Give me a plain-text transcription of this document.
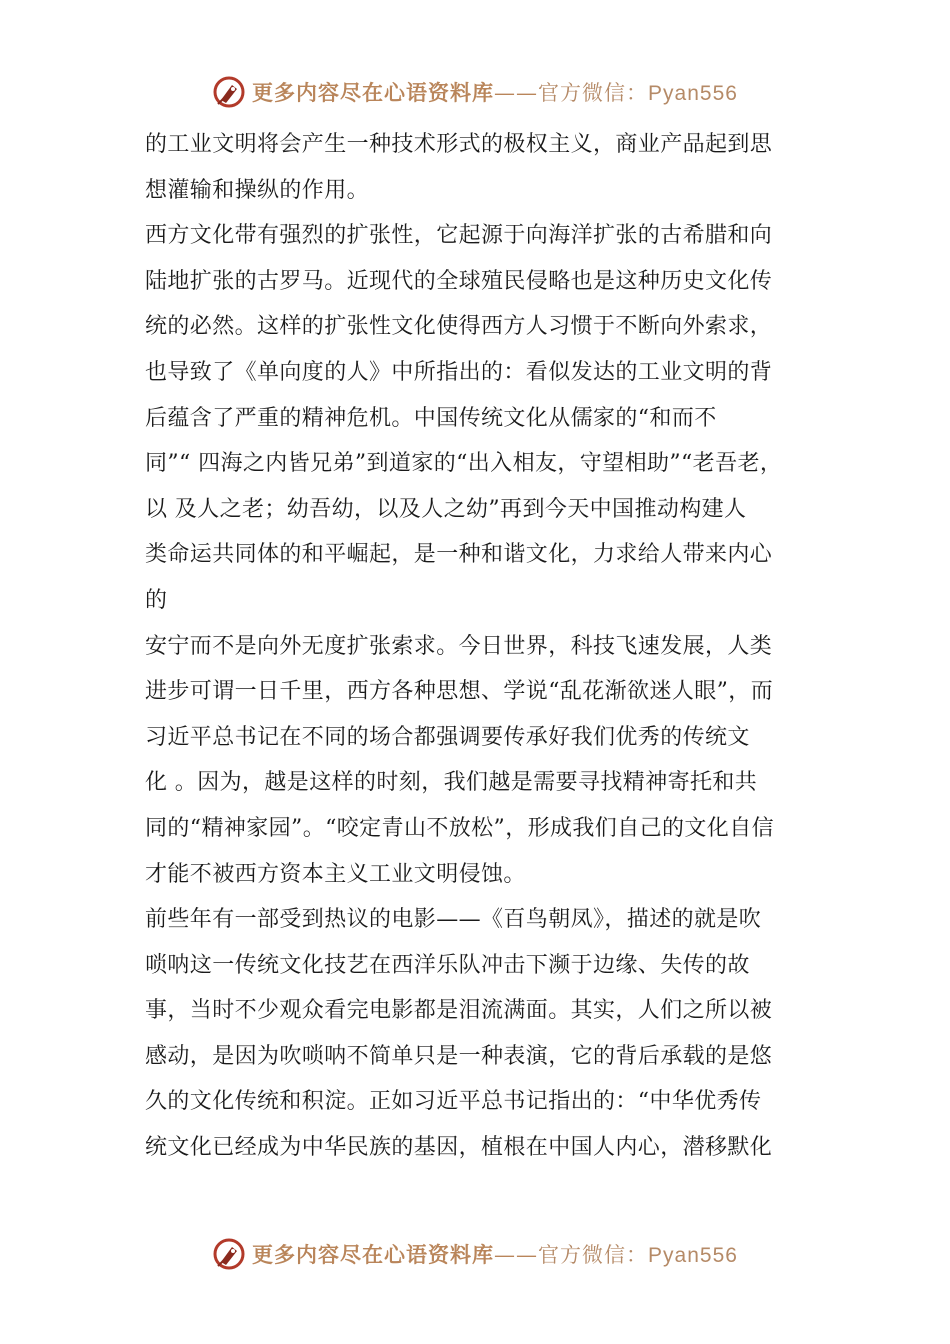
更多内容尽在心语资料库——官方微信：Pyan556
的工业文明将会产生一种技术形式的极权主义，商业产品起到思
想灌输和操纵的作用。
西方文化带有强烈的扩张性，它起源于向海洋扩张的古希腊和向
陆地扩张的古罗马。近现代的全球殖民侵略也是这种历史文化传
统的必然。这样的扩张性文化使得西方人习惯于不断向外索求，
也导致了《单向度的人》中所指出的：看似发达的工业文明的背
后蕴含了严重的精神危机。中国传统文化从儒家的“和而不
同”“ 四海之内皆兄弟”到道家的“出入相友，守望相助”“老吾老，
以 及人之老；幼吾幼，以及人之幼”再到今天中国推动构建人
类命运共同体的和平崛起，是一种和谐文化，力求给人带来内心
的
安宁而不是向外无度扩张索求。今日世界，科技飞速发展，人类
进步可谓一日千里，西方各种思想、学说“乱花渐欲迷人眼”，而
习近平总书记在不同的场合都强调要传承好我们优秀的传统文
化 。因为，越是这样的时刻，我们越是需要寻找精神寄托和共
同的“精神家园”。“咬定青山不放松”，形成我们自己的文化自信
才能不被西方资本主义工业文明侵蚀。
前些年有一部受到热议的电影——《百鸟朝凤》，描述的就是吹
唢呐这一传统文化技艺在西洋乐队冲击下濒于边缘、失传的故
事，当时不少观众看完电影都是泪流满面。其实，人们之所以被
感动，是因为吹唢呐不简单只是一种表演，它的背后承载的是悠
久的文化传统和积淀。正如习近平总书记指出的：“中华优秀传
统文化已经成为中华民族的基因，植根在中国人内心，潜移默化
更多内容尽在心语资料库——官方微信：Pyan556
